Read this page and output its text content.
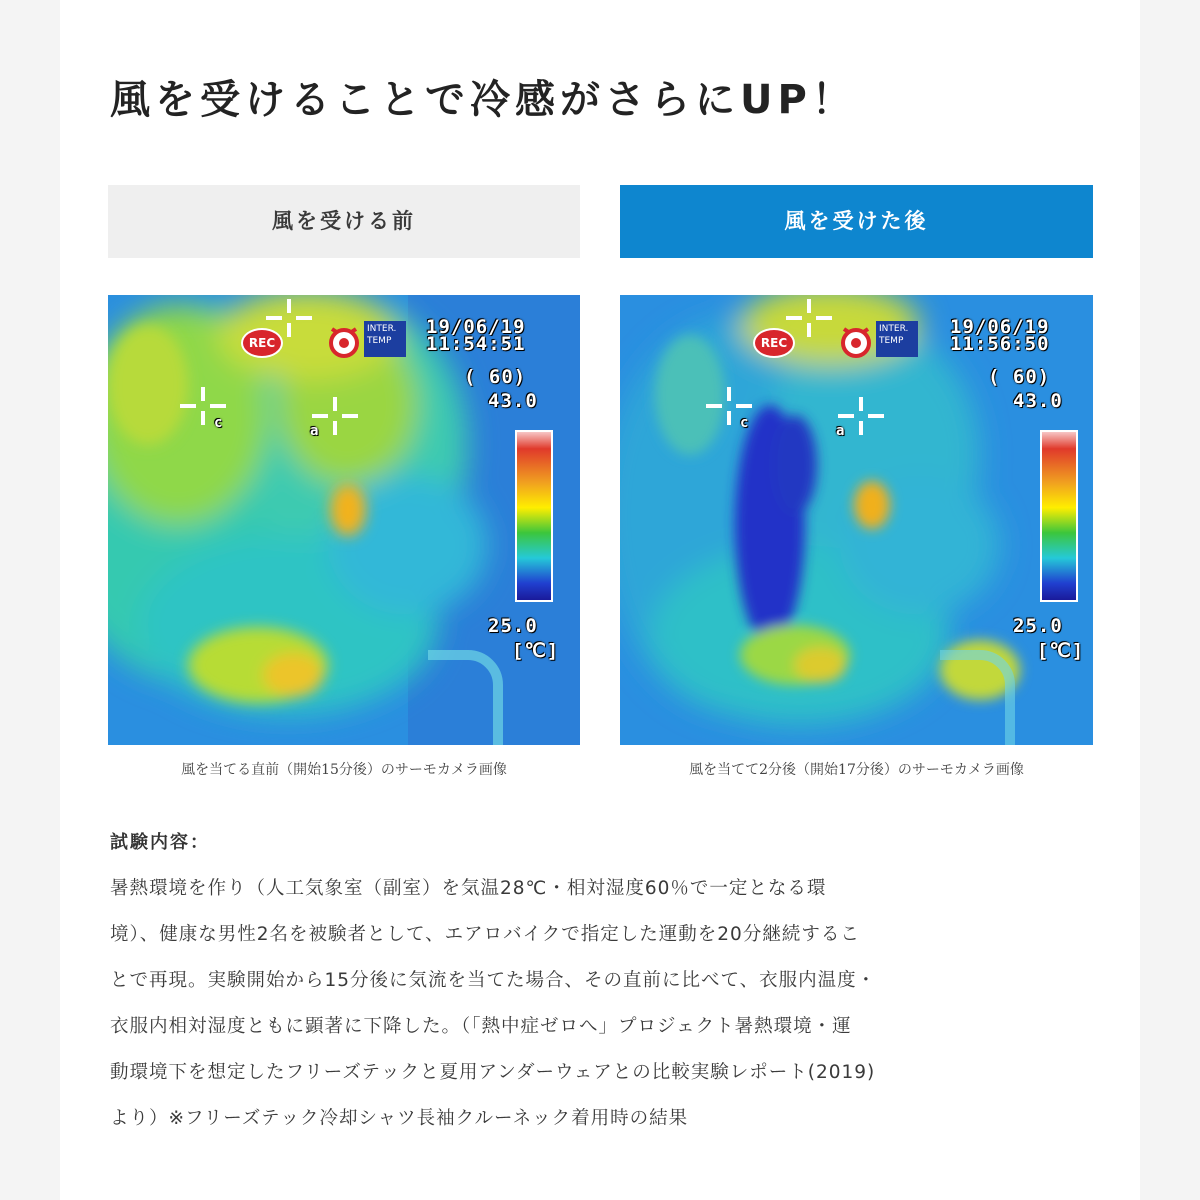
風を受けることで冷感がさらにUP！
風を受ける前
REC
INTER.
TEMP
19/06/19
11:54:51
( 60)
43.0
25.0
[℃]
c	a
風を当てる直前（開始15分後）のサーモカメラ画像
風を受けた後
REC
INTER.
TEMP
19/06/19
11:56:50
( 60)
43.0
25.0
[℃]
c	a
風を当てて2分後（開始17分後）のサーモカメラ画像
試験内容：
暑熱環境を作り（人工気象室（副室）を気温28℃・相対湿度60％で一定となる環
境）、健康な男性2名を被験者として、エアロバイクで指定した運動を20分継続するこ
とで再現。実験開始から15分後に気流を当てた場合、その直前に比べて、衣服内温度・
衣服内相対湿度ともに顕著に下降した。（「熱中症ゼロへ」プロジェクト暑熱環境・運
動環境下を想定したフリーズテックと夏用アンダーウェアとの比較実験レポート(2019)
より）※フリーズテック冷却シャツ長袖クルーネック着用時の結果
